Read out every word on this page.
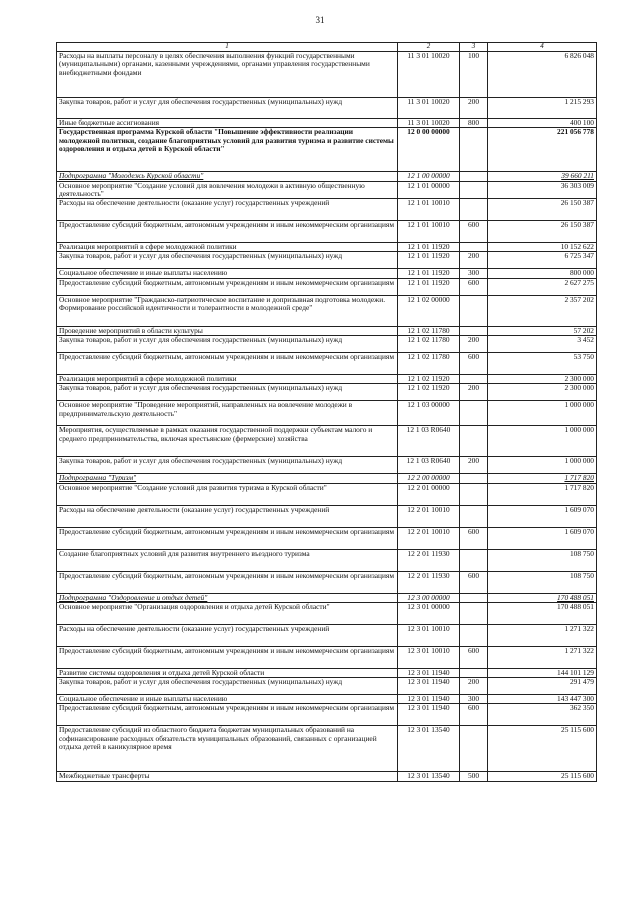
31
1	2	3	4
Расходы на выплаты персоналу в целях обеспечения выполнения функций государственными (муниципальными) органами, казенными учреждениями, органами управления государственными внебюджетными фондами	11 3 01 10020	100	6 826 048
Закупка товаров, работ и услуг для обеспечения государственных (муниципальных) нужд	11 3 01 10020	200	1 215 293
Иные бюджетные ассигнования	11 3 01 10020	800	400 100
Государственная программа Курской области "Повышение эффективности реализации молодежной политики, создание благоприятных условий для развития туризма и развитие системы оздоровления и отдыха детей в Курской области"	12 0 00 00000		221 056 778
Подпрограмма "Молодежь Курской области"	12 1 00 00000		39 660 211
Основное мероприятие "Создание условий для вовлечения молодежи в активную общественную деятельность"	12 1 01 00000		36 303 009
Расходы на обеспечение деятельности (оказание услуг) государственных учреждений	12 1 01 10010		26 150 387
Предоставление субсидий бюджетным, автономным учреждениям и иным некоммерческим организациям	12 1 01 10010	600	26 150 387
Реализация мероприятий в сфере молодежной политики	12 1 01 11920		10 152 622
Закупка товаров, работ и услуг для обеспечения государственных (муниципальных) нужд	12 1 01 11920	200	6 725 347
Социальное обеспечение и иные выплаты населению	12 1 01 11920	300	800 000
Предоставление субсидий бюджетным, автономным учреждениям и иным некоммерческим организациям	12 1 01 11920	600	2 627 275
Основное мероприятие "Гражданско-патриотическое воспитание и допризывная подготовка молодежи. Формирование российской идентичности и толерантности в молодежной среде"	12 1 02 00000		2 357 202
Проведение мероприятий в области культуры	12 1 02 11780		57 202
Закупка товаров, работ и услуг для обеспечения государственных (муниципальных) нужд	12 1 02 11780	200	3 452
Предоставление субсидий бюджетным, автономным учреждениям и иным некоммерческим организациям	12 1 02 11780	600	53 750
Реализация мероприятий в сфере молодежной политики	12 1 02 11920		2 300 000
Закупка товаров, работ и услуг для обеспечения государственных (муниципальных) нужд	12 1 02 11920	200	2 300 000
Основное мероприятие "Проведение мероприятий, направленных на вовлечение молодежи в предпринимательскую деятельность"	12 1 03 00000		1 000 000
Мероприятия, осуществляемые в рамках оказания государственной поддержки субъектам малого и среднего предпринимательства, включая крестьянские (фермерские) хозяйства	12 1 03 R0640		1 000 000
Закупка товаров, работ и услуг для обеспечения государственных (муниципальных) нужд	12 1 03 R0640	200	1 000 000
Подпрограмма "Туризм"	12 2 00 00000		1 717 820
Основное мероприятие "Создание условий для развития туризма в Курской области"	12 2 01 00000		1 717 820
Расходы на обеспечение деятельности (оказание услуг) государственных учреждений	12 2 01 10010		1 609 070
Предоставление субсидий бюджетным, автономным учреждениям и иным некоммерческим организациям	12 2 01 10010	600	1 609 070
Создание благоприятных условий для развития внутреннего въездного туризма	12 2 01 11930		108 750
Предоставление субсидий бюджетным, автономным учреждениям и иным некоммерческим организациям	12 2 01 11930	600	108 750
Подпрограмма "Оздоровление и отдых детей"	12 3 00 00000		170 488 051
Основное мероприятие "Организация оздоровления и отдыха детей Курской области"	12 3 01 00000		170 488 051
Расходы на обеспечение деятельности (оказание услуг) государственных учреждений	12 3 01 10010		1 271 322
Предоставление субсидий бюджетным, автономным учреждениям и иным некоммерческим организациям	12 3 01 10010	600	1 271 322
Развитие системы оздоровления и отдыха детей Курской области	12 3 01 11940		144 101 129
Закупка товаров, работ и услуг для обеспечения государственных (муниципальных) нужд	12 3 01 11940	200	291 479
Социальное обеспечение и иные выплаты населению	12 3 01 11940	300	143 447 300
Предоставление субсидий бюджетным, автономным учреждениям и иным некоммерческим организациям	12 3 01 11940	600	362 350
Предоставление субсидий из областного бюджета бюджетам муниципальных образований на софинансирование расходных обязательств муниципальных образований, связанных с организацией отдыха детей в каникулярное время	12 3 01 13540		25 115 600
Межбюджетные трансферты	12 3 01 13540	500	25 115 600
